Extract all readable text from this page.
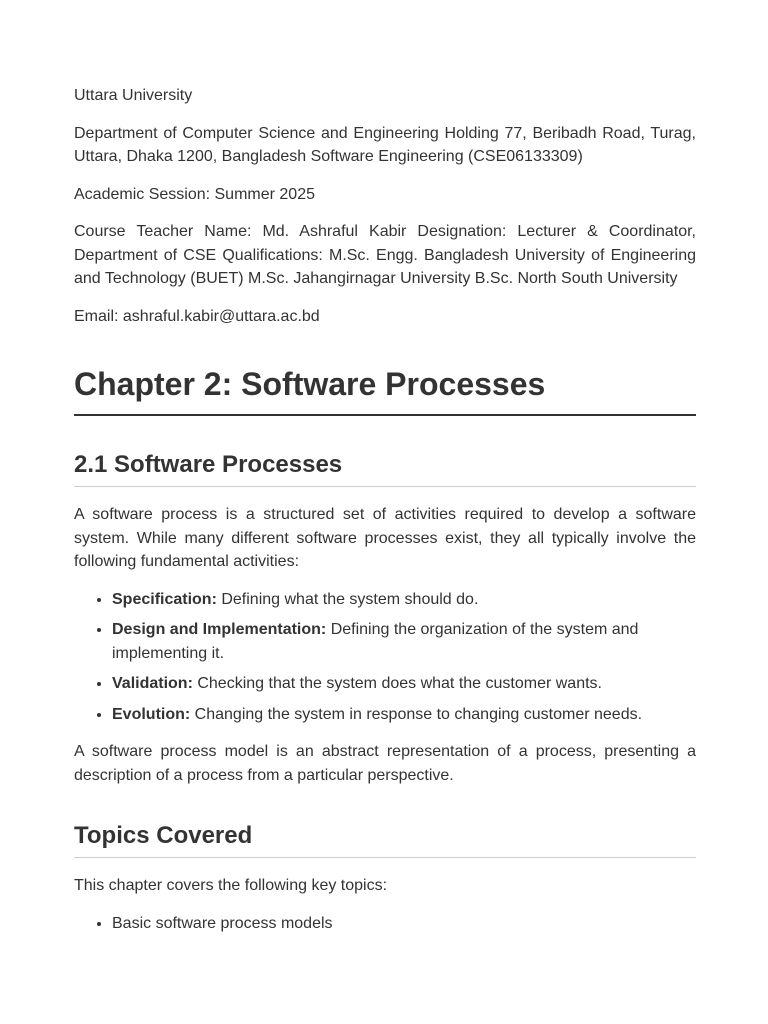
Uttara University

Department of Computer Science and Engineering Holding 77, Beribadh Road, Turag, Uttara, Dhaka 1200, Bangladesh Software Engineering (CSE06133309)

Academic Session: Summer 2025

Course Teacher Name: Md. Ashraful Kabir Designation: Lecturer & Coordinator, Department of CSE Qualifications: M.Sc. Engg. Bangladesh University of Engineering and Technology (BUET) M.Sc. Jahangirnagar University B.Sc. North South University

Email: ashraful.kabir@uttara.ac.bd

Chapter 2: Software Processes
2.1 Software Processes

A software process is a structured set of activities required to develop a software system. While many different software processes exist, they all typically involve the following fundamental activities:

• Specification: Defining what the system should do.
• Design and Implementation: Defining the organization of the system and implementing it.
• Validation: Checking that the system does what the customer wants.
• Evolution: Changing the system in response to changing customer needs.

A software process model is an abstract representation of a process, presenting a description of a process from a particular perspective.

Topics Covered

This chapter covers the following key topics:

• Basic software process models
